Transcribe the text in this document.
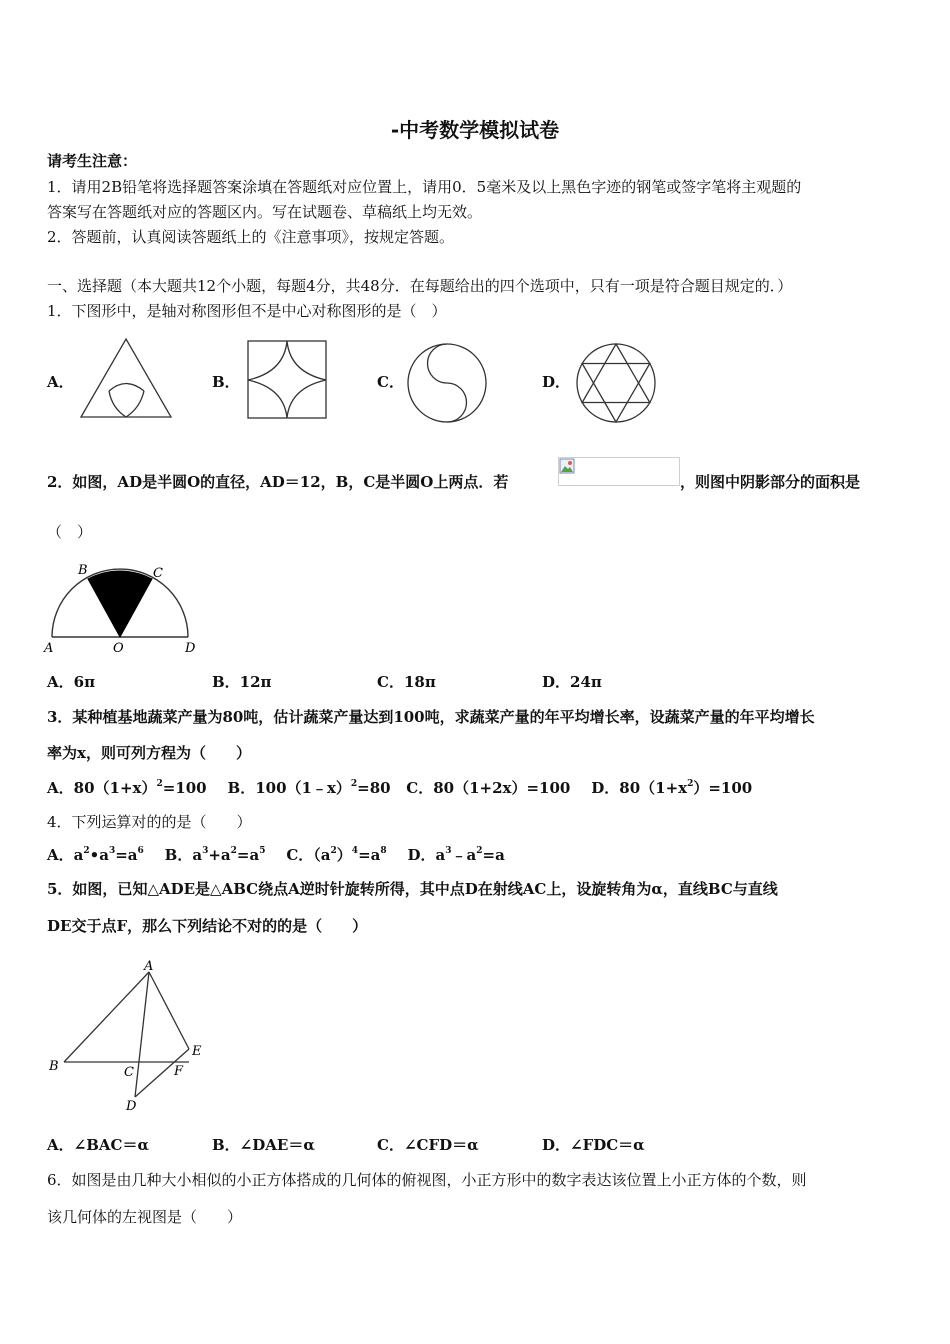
-中考数学模拟试卷
请考生注意：
1．请用2B铅笔将选择题答案涂填在答题纸对应位置上，请用0．5毫米及以上黑色字迹的钢笔或签字笔将主观题的
答案写在答题纸对应的答题区内。写在试题卷、草稿纸上均无效。
2．答题前，认真阅读答题纸上的《注意事项》，按规定答题。
一、选择题（本大题共12个小题，每题4分，共48分．在每题给出的四个选项中，只有一项是符合题目规定的．）
1．下图形中，是轴对称图形但不是中心对称图形的是（　）
A．	B．	C．	D．
2．如图，AD是半圆O的直径，AD＝12，B，C是半圆O上两点．若	，则图中阴影部分的面积是
（　）
B	C
A	O	D
A．6π	B．12π	C．18π	D．24π
3．某种植基地蔬菜产量为80吨，估计蔬菜产量达到100吨，求蔬菜产量的年平均增长率，设蔬菜产量的年平均增长
率为x，则可列方程为（　　）
A．$80(1+x)^2=100$ B．100（1﹣x）$^2$=80 C．80（1+2x）=100 D．$80(1+x^2)=100$
4．下列运算对的的是（　　）
A．$a^2•a^3=a^6$ B．$a^3+a^2=a^5$ C．$(a^2)^4=a^8$ D．$a^3﹣a^2=a$
5．如图，已知△ADE是△ABC绕点A逆时针旋转所得，其中点D在射线AC上，设旋转角为α，直线BC与直线
DE交于点F，那么下列结论不对的的是（　　）
A
B	C
D
E
F
A．∠BAC＝α	B．∠DAE＝α	C．∠CFD＝α	D．∠FDC＝α
6．如图是由几种大小相似的小正方体搭成的几何体的俯视图，小正方形中的数字表达该位置上小正方体的个数，则
该几何体的左视图是（　　）
